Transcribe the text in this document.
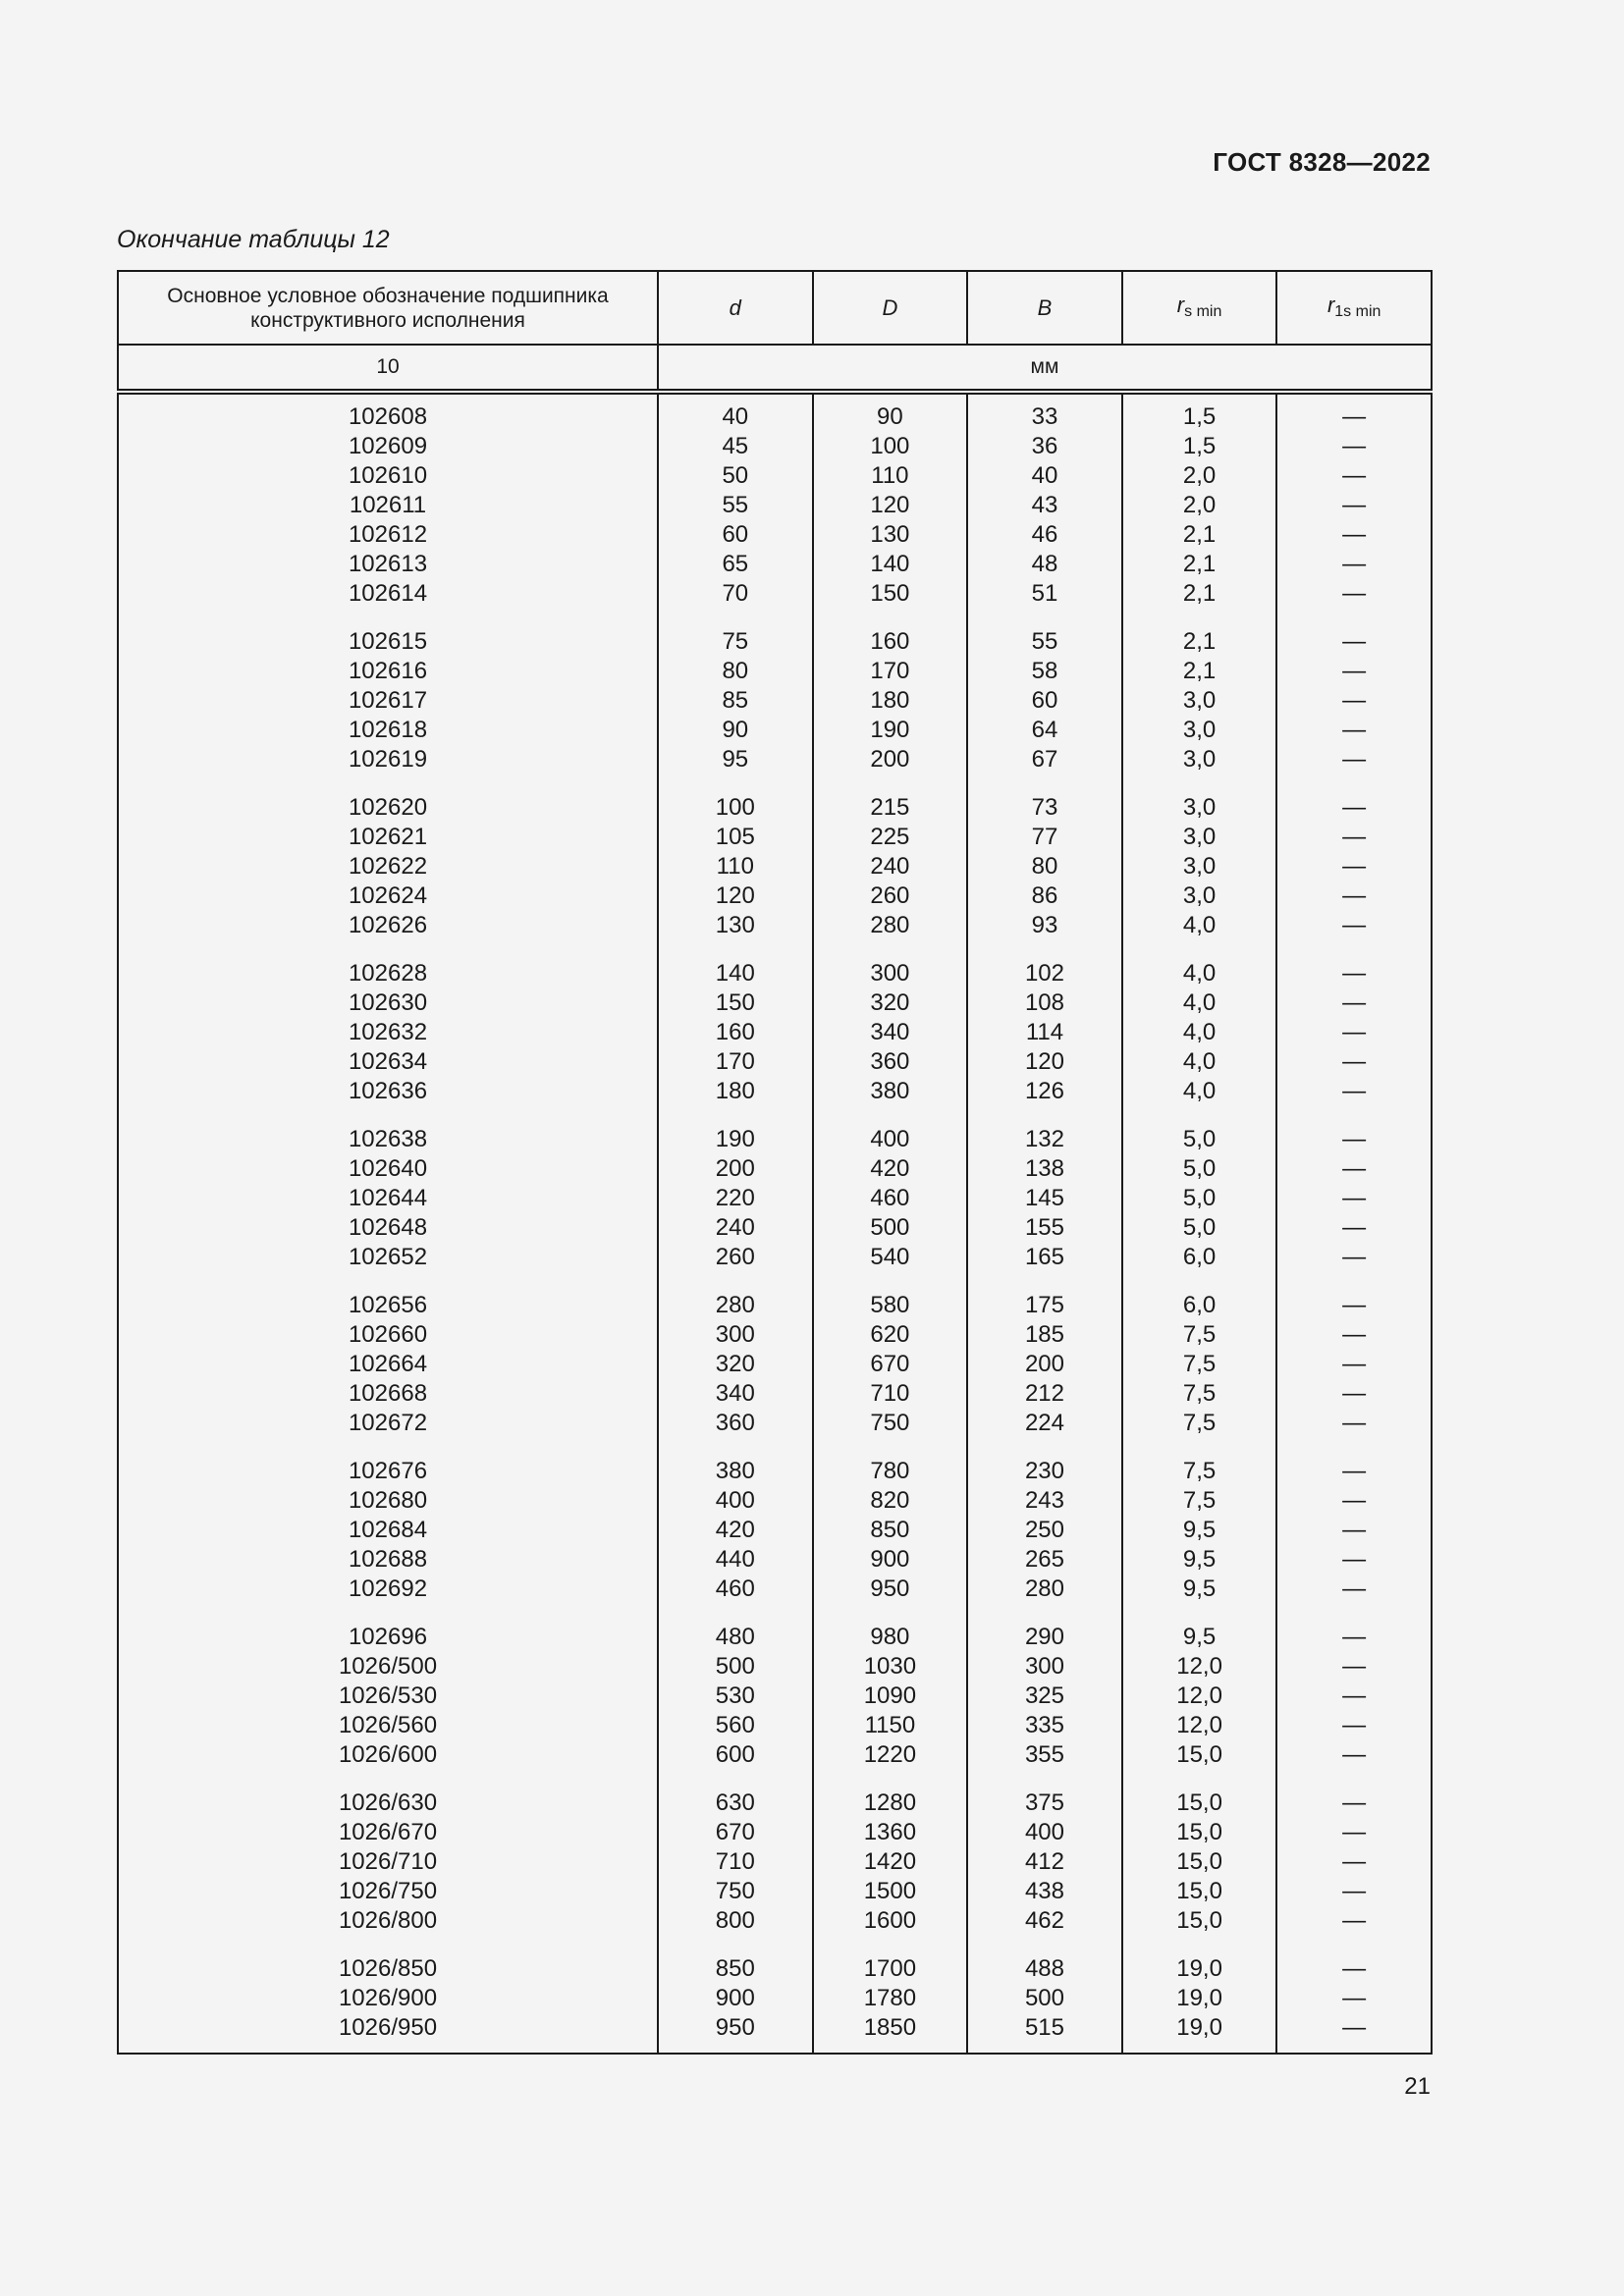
ГОСТ 8328—2022
Окончание таблицы 12
Основное условное обозначение подшипника конструктивного исполнения	d	D	B	$r_{s min}$	$r_{1s min}$
10	мм				
102608	40	90	33	1,5	—
102609	45	100	36	1,5	—
102610	50	110	40	2,0	—
102611	55	120	43	2,0	—
102612	60	130	46	2,1	—
102613	65	140	48	2,1	—
102614	70	150	51	2,1	—

102615	75	160	55	2,1	—
102616	80	170	58	2,1	—
102617	85	180	60	3,0	—
102618	90	190	64	3,0	—
102619	95	200	67	3,0	—

102620	100	215	73	3,0	—
102621	105	225	77	3,0	—
102622	110	240	80	3,0	—
102624	120	260	86	3,0	—
102626	130	280	93	4,0	—

102628	140	300	102	4,0	—
102630	150	320	108	4,0	—
102632	160	340	114	4,0	—
102634	170	360	120	4,0	—
102636	180	380	126	4,0	—

102638	190	400	132	5,0	—
102640	200	420	138	5,0	—
102644	220	460	145	5,0	—
102648	240	500	155	5,0	—
102652	260	540	165	6,0	—

102656	280	580	175	6,0	—
102660	300	620	185	7,5	—
102664	320	670	200	7,5	—
102668	340	710	212	7,5	—
102672	360	750	224	7,5	—

102676	380	780	230	7,5	—
102680	400	820	243	7,5	—
102684	420	850	250	9,5	—
102688	440	900	265	9,5	—
102692	460	950	280	9,5	—

102696	480	980	290	9,5	—
1026/500	500	1030	300	12,0	—
1026/530	530	1090	325	12,0	—
1026/560	560	1150	335	12,0	—
1026/600	600	1220	355	15,0	—

1026/630	630	1280	375	15,0	—
1026/670	670	1360	400	15,0	—
1026/710	710	1420	412	15,0	—
1026/750	750	1500	438	15,0	—
1026/800	800	1600	462	15,0	—

1026/850	850	1700	488	19,0	—
1026/900	900	1780	500	19,0	—
1026/950	950	1850	515	19,0	—
21
